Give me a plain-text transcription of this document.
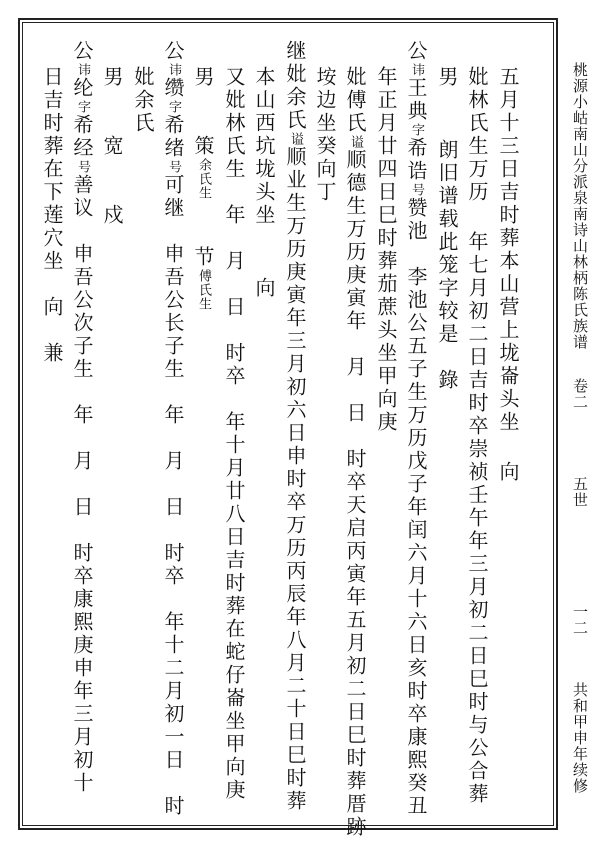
桃源小岵南山分派泉南诗山林柄陈氏族谱
卷二
五世
一二
共和甲申年续修
五月十三日吉时葬本山营上垅崙头坐 向
妣林氏生万历 年七月初二日吉时卒崇祯壬午年三月初二日巳时与公合葬
男　 朗旧谱载此笼字较是　錄
公讳王典字希诰号赞池　李池公五子生万历戊子年闰六月十六日亥时卒康熙癸丑
年正月廿四日巳时葬茄蔗头坐甲向庚
妣傅氏谥顺德生万历庚寅年　月　日　时卒天启丙寅年五月初二日巳时葬厝跡
垵边坐癸向丁
继妣余氏谥顺业生万历庚寅年三月初六日申时卒万历丙辰年八月二十日巳时葬
本山西坑垅头坐　 向
又妣林氏生　年　月　日　时卒　年十月廿八日吉时葬在蛇仔崙坐甲向庚
男　　策余氏生　　节傅氏生
公讳缵字希绪号可继　申吾公长子生　年　月　日　时卒　年十二月初一日　时
妣余氏
男　　宽　　戍
公讳纶字希经号善议　申吾公次子生　年　月　日　时卒康熙庚申年三月初十
日吉时葬在下莲穴坐　向　兼
